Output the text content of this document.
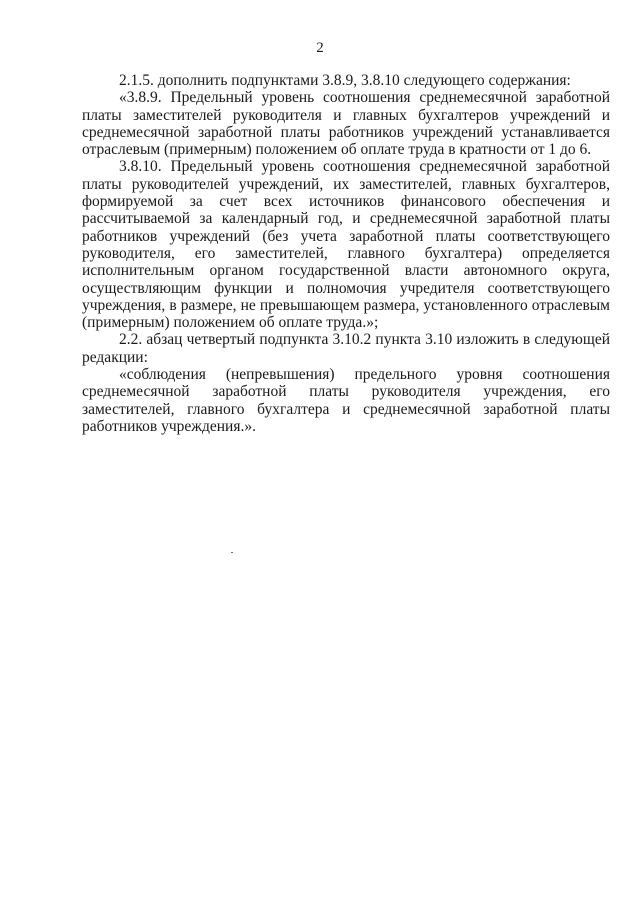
2

2.1.5. дополнить подпунктами 3.8.9, 3.8.10 следующего содержания:

«3.8.9. Предельный уровень соотношения среднемесячной заработной платы заместителей руководителя и главных бухгалтеров учреждений и среднемесячной заработной платы работников учреждений устанавливается отраслевым (примерным) положением об оплате труда в кратности от 1 до 6.

3.8.10. Предельный уровень соотношения среднемесячной заработной платы руководителей учреждений, их заместителей, главных бухгалтеров, формируемой за счет всех источников финансового обеспечения и рассчитываемой за календарный год, и среднемесячной заработной платы работников учреждений (без учета заработной платы соответствующего руководителя, его заместителей, главного бухгалтера) определяется исполнительным органом государственной власти автономного округа, осуществляющим функции и полномочия учредителя соответствующего учреждения, в размере, не превышающем размера, установленного отраслевым (примерным) положением об оплате труда.»;

2.2. абзац четвертый подпункта 3.10.2 пункта 3.10 изложить в следующей редакции:

«соблюдения (непревышения) предельного уровня соотношения среднемесячной заработной платы руководителя учреждения, его заместителей, главного бухгалтера и среднемесячной заработной платы работников учреждения.».
